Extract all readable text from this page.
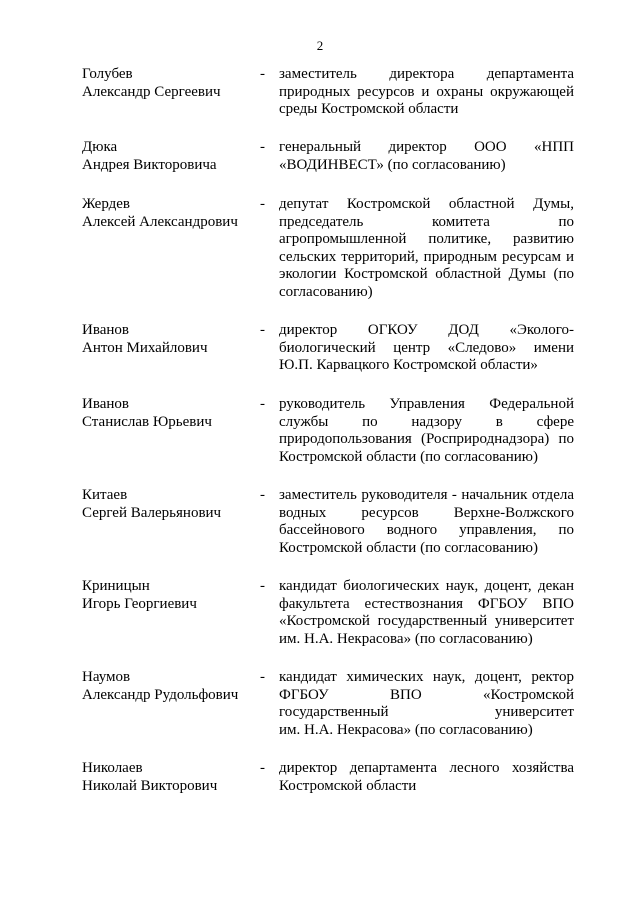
2
Голубев
Александр Сергеевич
- заместитель директора департамента
природных ресурсов и охраны окружающей
среды Костромской области
Дюка
Андрея Викторовича
- генеральный директор ООО «НПП
«ВОДИНВЕСТ» (по согласованию)
Жердев
Алексей Александрович
- депутат Костромской областной Думы,
председатель комитета по
агропромышленной политике, развитию
сельских территорий, природным ресурсам и
экологии Костромской областной Думы (по
согласованию)
Иванов
Антон Михайлович
- директор ОГКОУ ДОД «Эколого-
биологический центр «Следово» имени
Ю.П. Карвацкого Костромской области»
Иванов
Станислав Юрьевич
- руководитель Управления Федеральной
службы по надзору в сфере
природопользования (Росприроднадзора) по
Костромской области (по согласованию)
Китаев
Сергей Валерьянович
- заместитель руководителя - начальник отдела
водных ресурсов Верхне-Волжского
бассейнового водного управления, по
Костромской области (по согласованию)
Криницын
Игорь Георгиевич
- кандидат биологических наук, доцент, декан
факультета естествознания ФГБОУ ВПО
«Костромской государственный университет
им. Н.А. Некрасова» (по согласованию)
Наумов
Александр Рудольфович
- кандидат химических наук, доцент, ректор
ФГБОУ ВПО «Костромской
государственный университет
им. Н.А. Некрасова» (по согласованию)
Николаев
Николай Викторович
- директор департамента лесного хозяйства
Костромской области
